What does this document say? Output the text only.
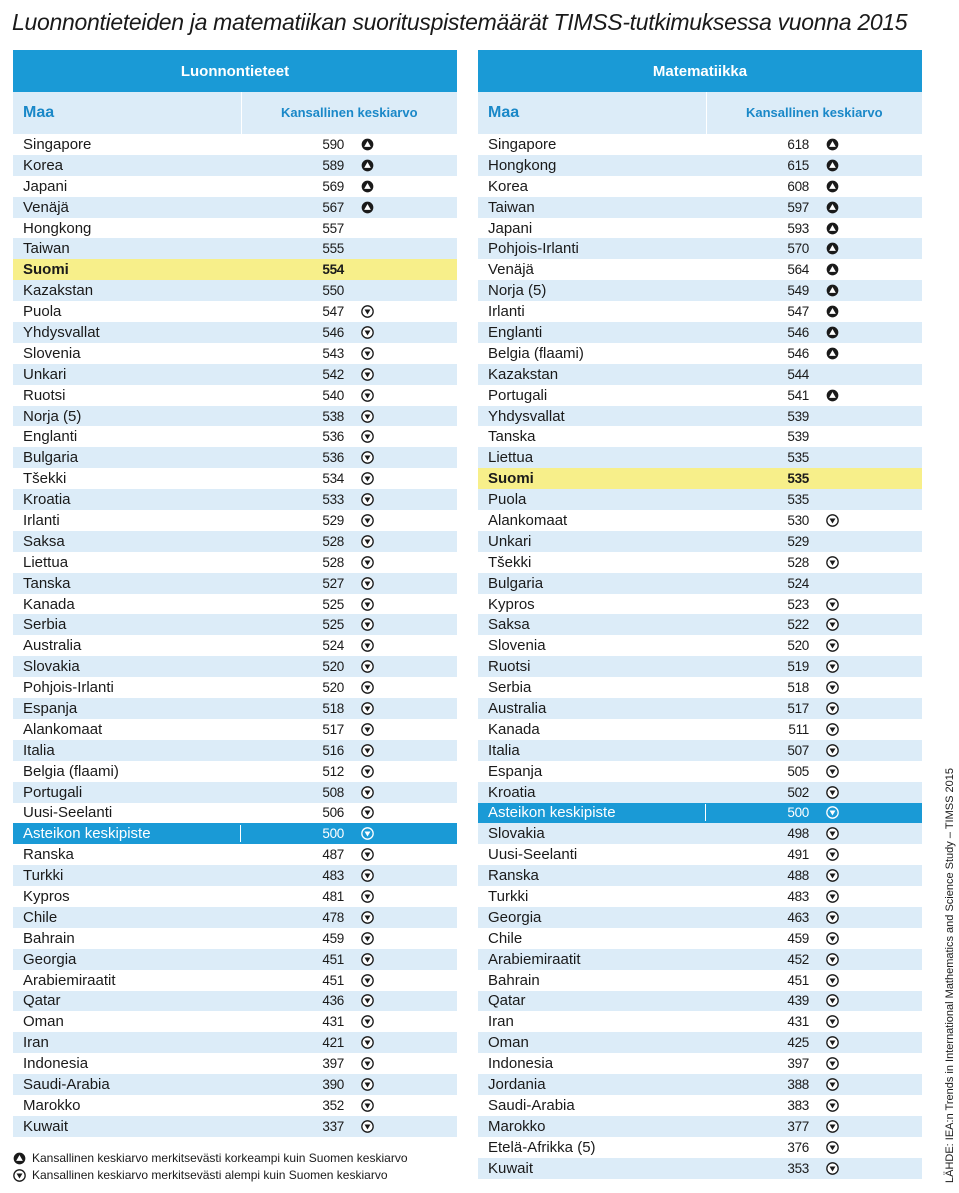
Luonnontieteiden ja matematiikan suorituspistemäärät TIMSS-tutkimuksessa vuonna 2015
Luonnontieteet
Maa	Kansallinen keskiarvo
Singapore	590
Korea	589
Japani	569
Venäjä	567
Hongkong	557
Taiwan	555
Suomi	554
Kazakstan	550
Puola	547
Yhdysvallat	546
Slovenia	543
Unkari	542
Ruotsi	540
Norja (5)	538
Englanti	536
Bulgaria	536
Tšekki	534
Kroatia	533
Irlanti	529
Saksa	528
Liettua	528
Tanska	527
Kanada	525
Serbia	525
Australia	524
Slovakia	520
Pohjois-Irlanti	520
Espanja	518
Alankomaat	517
Italia	516
Belgia (flaami)	512
Portugali	508
Uusi-Seelanti	506
Asteikon keskipiste	500
Ranska	487
Turkki	483
Kypros	481
Chile	478
Bahrain	459
Georgia	451
Arabiemiraatit	451
Qatar	436
Oman	431
Iran	421
Indonesia	397
Saudi-Arabia	390
Marokko	352
Kuwait	337
Matematiikka
Maa	Kansallinen keskiarvo
Singapore	618
Hongkong	615
Korea	608
Taiwan	597
Japani	593
Pohjois-Irlanti	570
Venäjä	564
Norja (5)	549
Irlanti	547
Englanti	546
Belgia (flaami)	546
Kazakstan	544
Portugali	541
Yhdysvallat	539
Tanska	539
Liettua	535
Suomi	535
Puola	535
Alankomaat	530
Unkari	529
Tšekki	528
Bulgaria	524
Kypros	523
Saksa	522
Slovenia	520
Ruotsi	519
Serbia	518
Australia	517
Kanada	511
Italia	507
Espanja	505
Kroatia	502
Asteikon keskipiste	500
Slovakia	498
Uusi-Seelanti	491
Ranska	488
Turkki	483
Georgia	463
Chile	459
Arabiemiraatit	452
Bahrain	451
Qatar	439
Iran	431
Oman	425
Indonesia	397
Jordania	388
Saudi-Arabia	383
Marokko	377
Etelä-Afrikka (5)	376
Kuwait	353
Kansallinen keskiarvo merkitsevästi korkeampi kuin Suomen keskiarvo
Kansallinen keskiarvo merkitsevästi alempi kuin Suomen keskiarvo	LÄHDE: IEA:n Trends in International Mathematics and Science Study – TIMSS 2015
